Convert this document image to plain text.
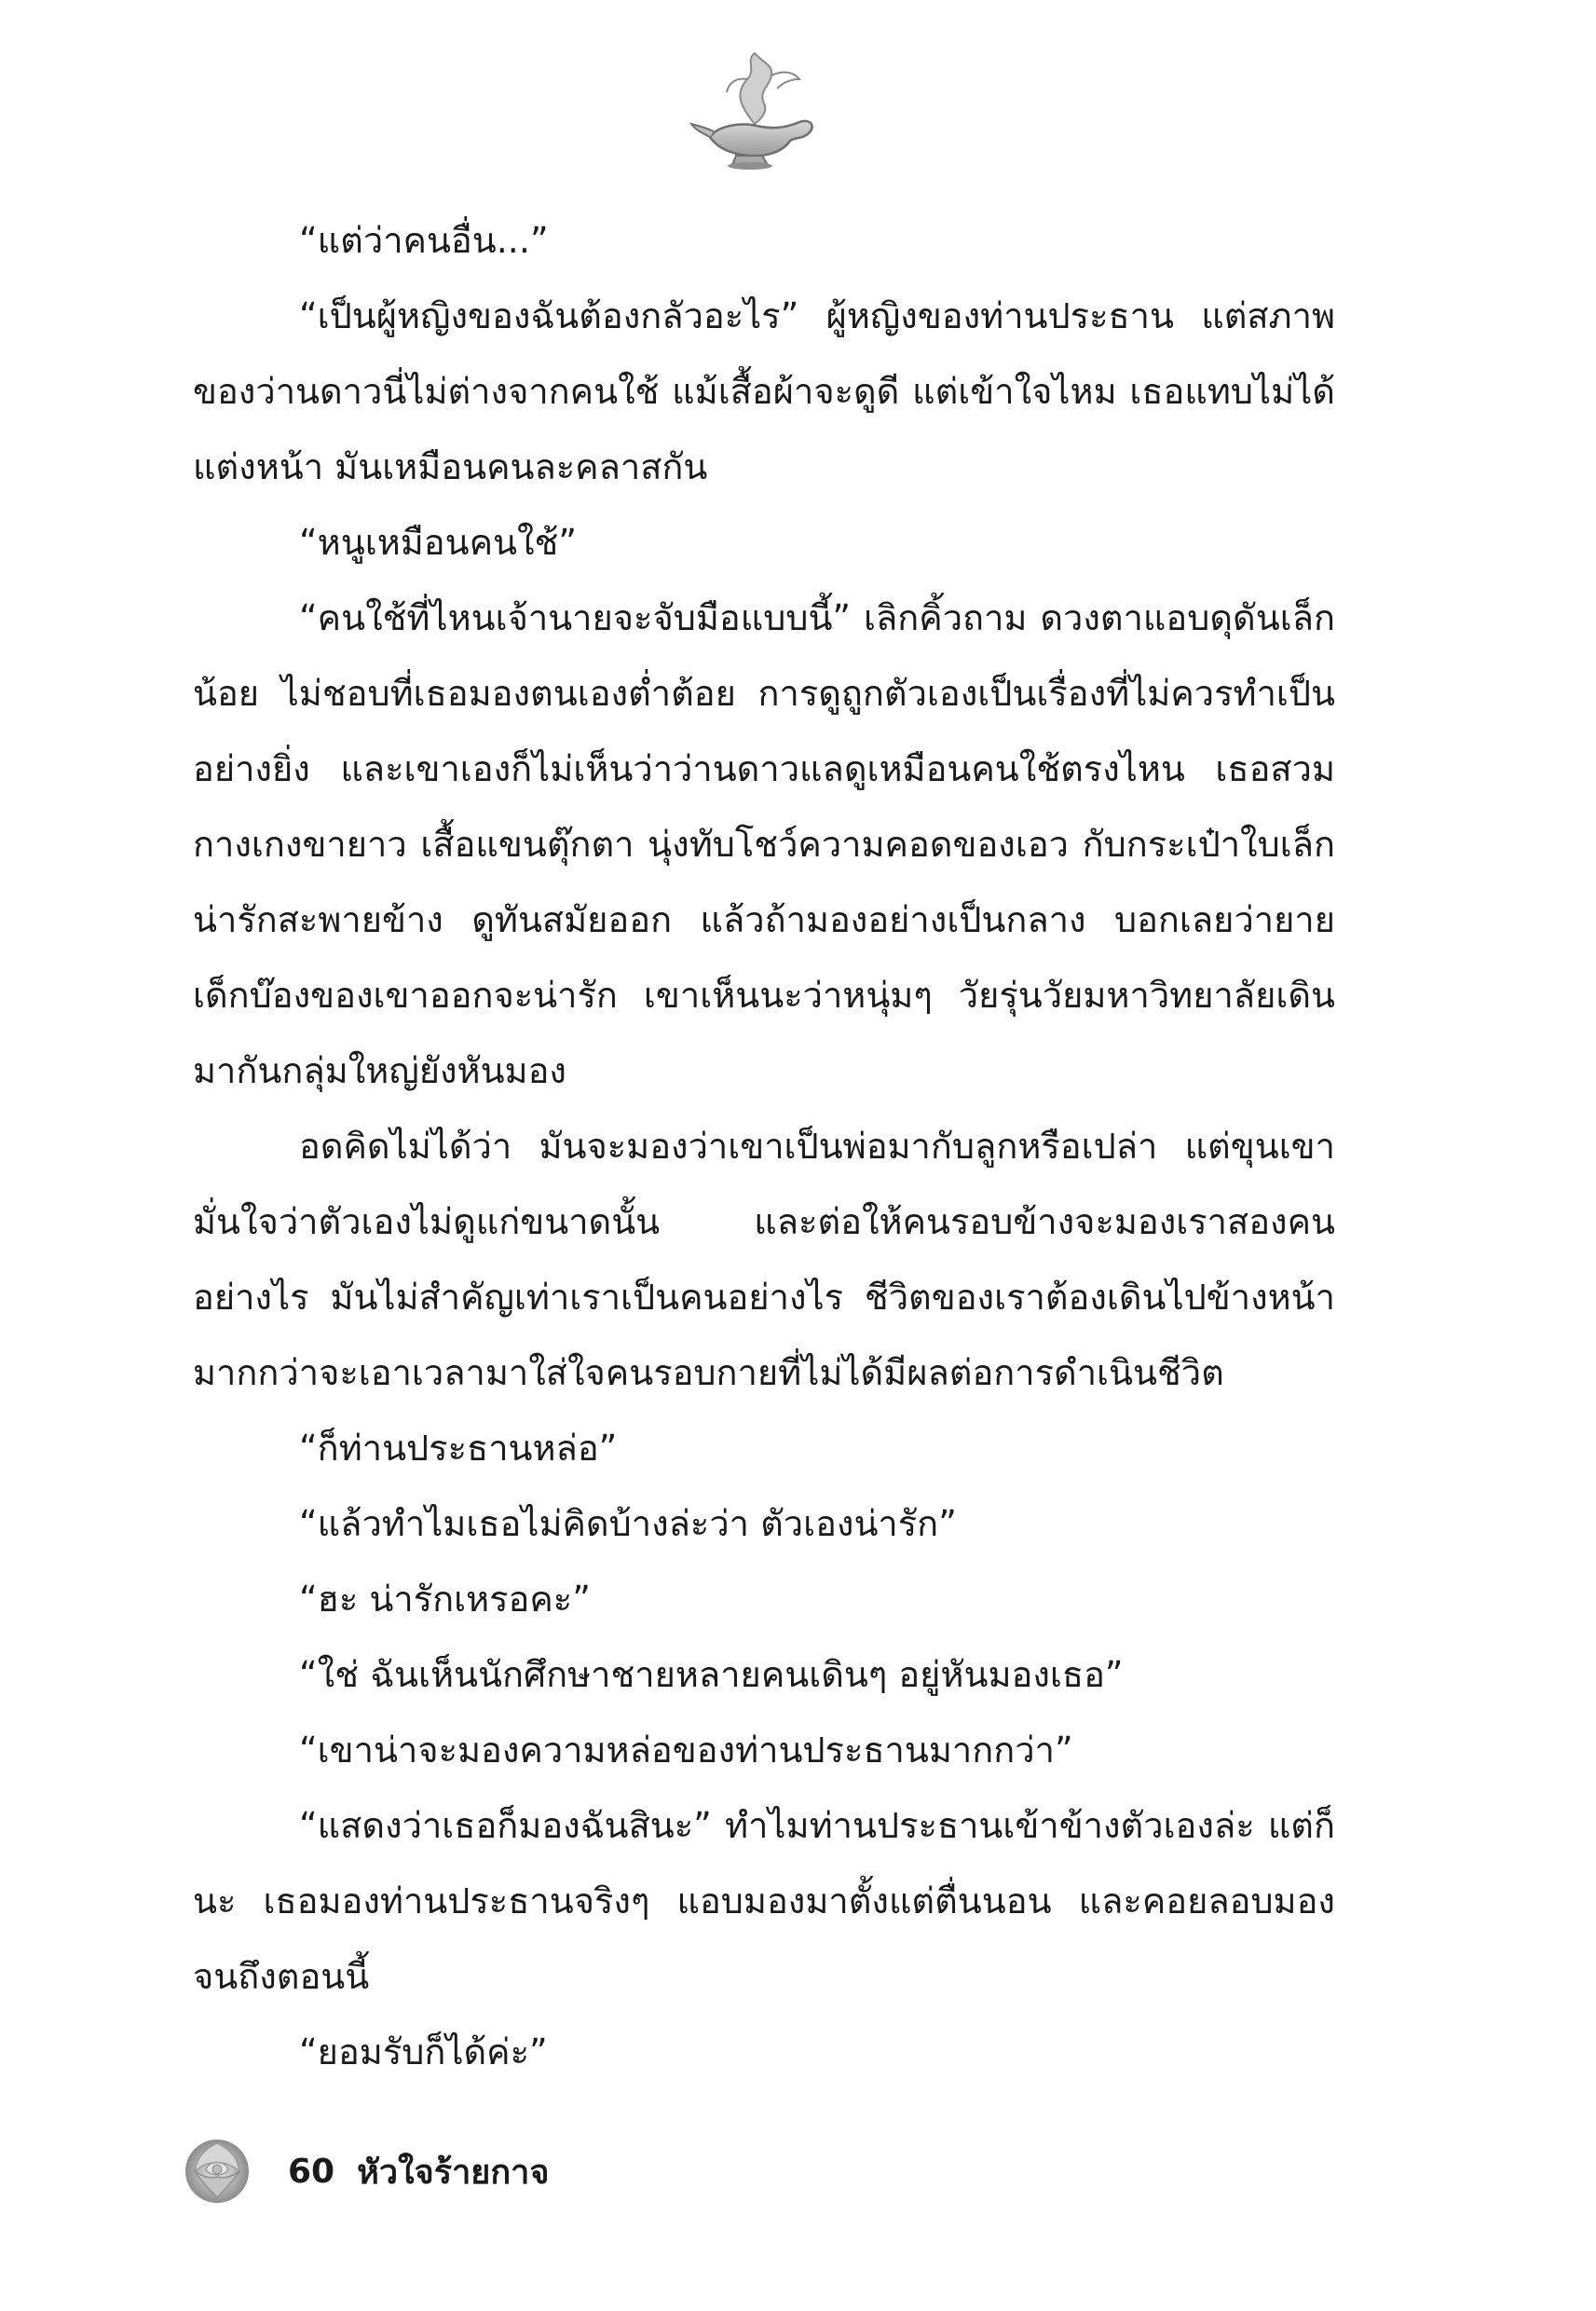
“แต่ว่าคนอื่น...”

“เป็นผู้หญิงของฉันต้องกลัวอะไร” ผู้หญิงของท่านประธาน แต่สภาพของว่านดาวนี่ไม่ต่างจากคนใช้ แม้เสื้อผ้าจะดูดี แต่เข้าใจไหม เธอแทบไม่ได้แต่งหน้า มันเหมือนคนละคลาสกัน

“หนูเหมือนคนใช้”

“คนใช้ที่ไหนเจ้านายจะจับมือแบบนี้” เลิกคิ้วถาม ดวงตาแอบดุดันเล็กน้อย ไม่ชอบที่เธอมองตนเองต่ำต้อย การดูถูกตัวเองเป็นเรื่องที่ไม่ควรทำเป็นอย่างยิ่ง และเขาเองก็ไม่เห็นว่าว่านดาวแลดูเหมือนคนใช้ตรงไหน เธอสวมกางเกงขายาว เสื้อแขนตุ๊กตา นุ่งทับโชว์ความคอดของเอว กับกระเป๋าใบเล็กน่ารักสะพายข้าง ดูทันสมัยออก แล้วถ้ามองอย่างเป็นกลาง บอกเลยว่ายายเด็กบ๊องของเขาออกจะน่ารัก เขาเห็นนะว่าหนุ่มๆ วัยรุ่นวัยมหาวิทยาลัยเดินมากันกลุ่มใหญ่ยังหันมอง

อดคิดไม่ได้ว่า มันจะมองว่าเขาเป็นพ่อมากับลูกหรือเปล่า แต่ขุนเขามั่นใจว่าตัวเองไม่ดูแก่ขนาดนั้น และต่อให้คนรอบข้างจะมองเราสองคนอย่างไร มันไม่สำคัญเท่าเราเป็นคนอย่างไร ชีวิตของเราต้องเดินไปข้างหน้ามากกว่าจะเอาเวลามาใส่ใจคนรอบกายที่ไม่ได้มีผลต่อการดำเนินชีวิต

“ก็ท่านประธานหล่อ”

“แล้วทำไมเธอไม่คิดบ้างล่ะว่า ตัวเองน่ารัก”

“ฮะ น่ารักเหรอคะ”

“ใช่ ฉันเห็นนักศึกษาชายหลายคนเดินๆ อยู่หันมองเธอ”

“เขาน่าจะมองความหล่อของท่านประธานมากกว่า”

“แสดงว่าเธอก็มองฉันสินะ” ทำไมท่านประธานเข้าข้างตัวเองล่ะ แต่ก็นะ เธอมองท่านประธานจริงๆ แอบมองมาตั้งแต่ตื่นนอน และคอยลอบมองจนถึงตอนนี้

“ยอมรับก็ได้ค่ะ”

60 หัวใจร้ายกาจ
